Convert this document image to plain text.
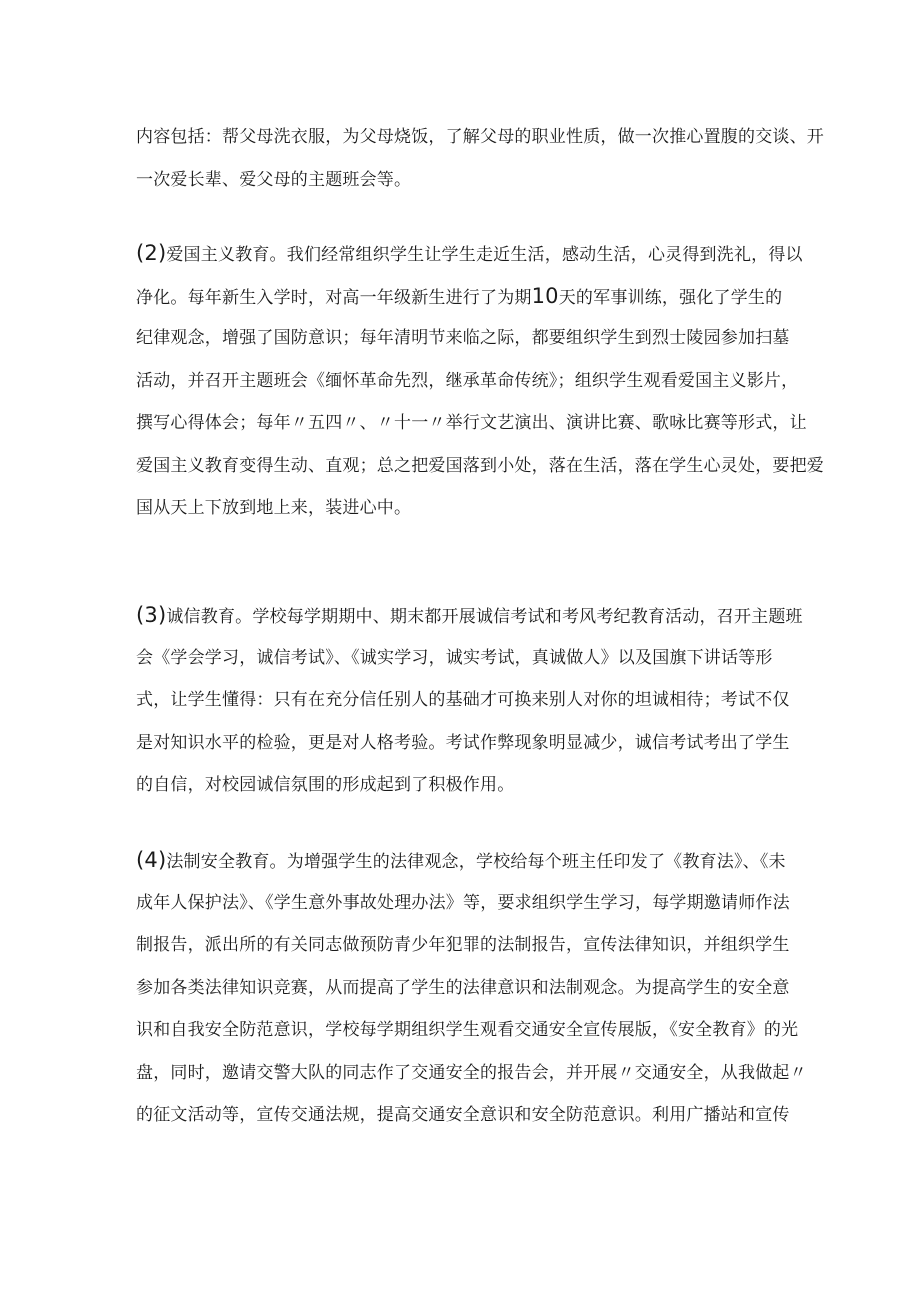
内容包括：帮父母洗衣服，为父母烧饭，了解父母的职业性质，做一次推心置腹的交谈、开
一次爱长辈、爱父母的主题班会等。
(2)爱国主义教育。我们经常组织学生让学生走近生活，感动生活，心灵得到洗礼，得以
净化。每年新生入学时，对高一年级新生进行了为期10天的军事训练，强化了学生的
纪律观念，增强了国防意识；每年清明节来临之际，都要组织学生到烈士陵园参加扫墓
活动，并召开主题班会《缅怀革命先烈，继承革命传统》；组织学生观看爱国主义影片，
撰写心得体会；每年〃五四〃、〃十一〃举行文艺演出、演讲比赛、歌咏比赛等形式，让
爱国主义教育变得生动、直观；总之把爱国落到小处，落在生活，落在学生心灵处，要把爱
国从天上下放到地上来，装进心中。
(3)诚信教育。学校每学期期中、期末都开展诚信考试和考风考纪教育活动，召开主题班
会《学会学习，诚信考试》、《诚实学习，诚实考试，真诚做人》以及国旗下讲话等形
式，让学生懂得：只有在充分信任别人的基础才可换来别人对你的坦诚相待；考试不仅
是对知识水平的检验，更是对人格考验。考试作弊现象明显减少，诚信考试考出了学生
的自信，对校园诚信氛围的形成起到了积极作用。
(4)法制安全教育。为增强学生的法律观念，学校给每个班主任印发了《教育法》、《未
成年人保护法》、《学生意外事故处理办法》等，要求组织学生学习，每学期邀请师作法
制报告，派出所的有关同志做预防青少年犯罪的法制报告，宣传法律知识，并组织学生
参加各类法律知识竞赛，从而提高了学生的法律意识和法制观念。为提高学生的安全意
识和自我安全防范意识，学校每学期组织学生观看交通安全宣传展版，《安全教育》的光
盘，同时，邀请交警大队的同志作了交通安全的报告会，并开展〃交通安全，从我做起〃
的征文活动等，宣传交通法规，提高交通安全意识和安全防范意识。利用广播站和宣传
